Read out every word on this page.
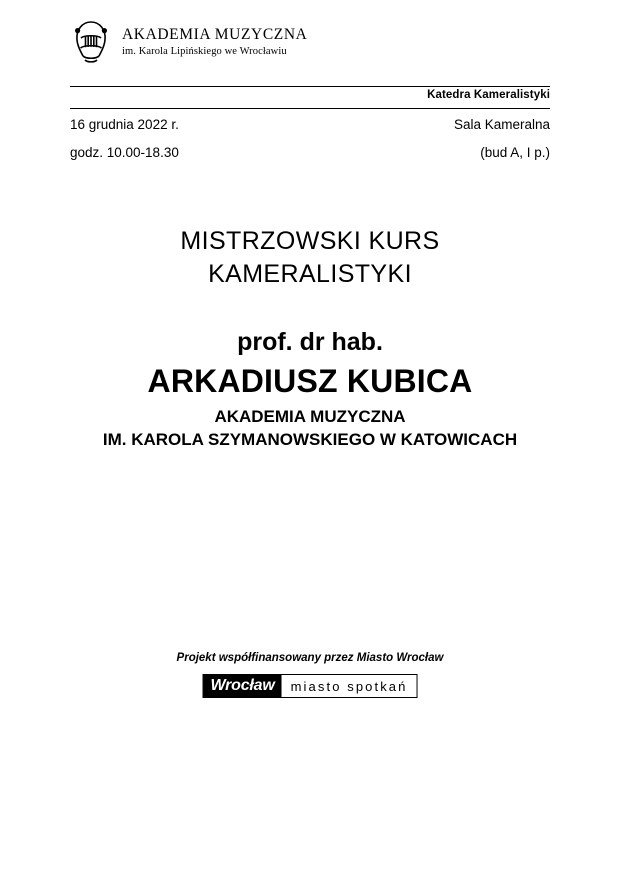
AKADEMIA MUZYCZNA
im. Karola Lipińskiego we Wrocławiu
Katedra Kameralistyki
16 grudnia 2022 r.	Sala Kameralna
godz. 10.00-18.30	(bud A, I p.)
MISTRZOWSKI KURS
KAMERALISTYKI
prof. dr hab.
ARKADIUSZ KUBICA
AKADEMIA MUZYCZNA
IM. KAROLA SZYMANOWSKIEGO W KATOWICACH
Projekt współfinansowany przez Miasto Wrocław
Wrocław	miasto spotkań
